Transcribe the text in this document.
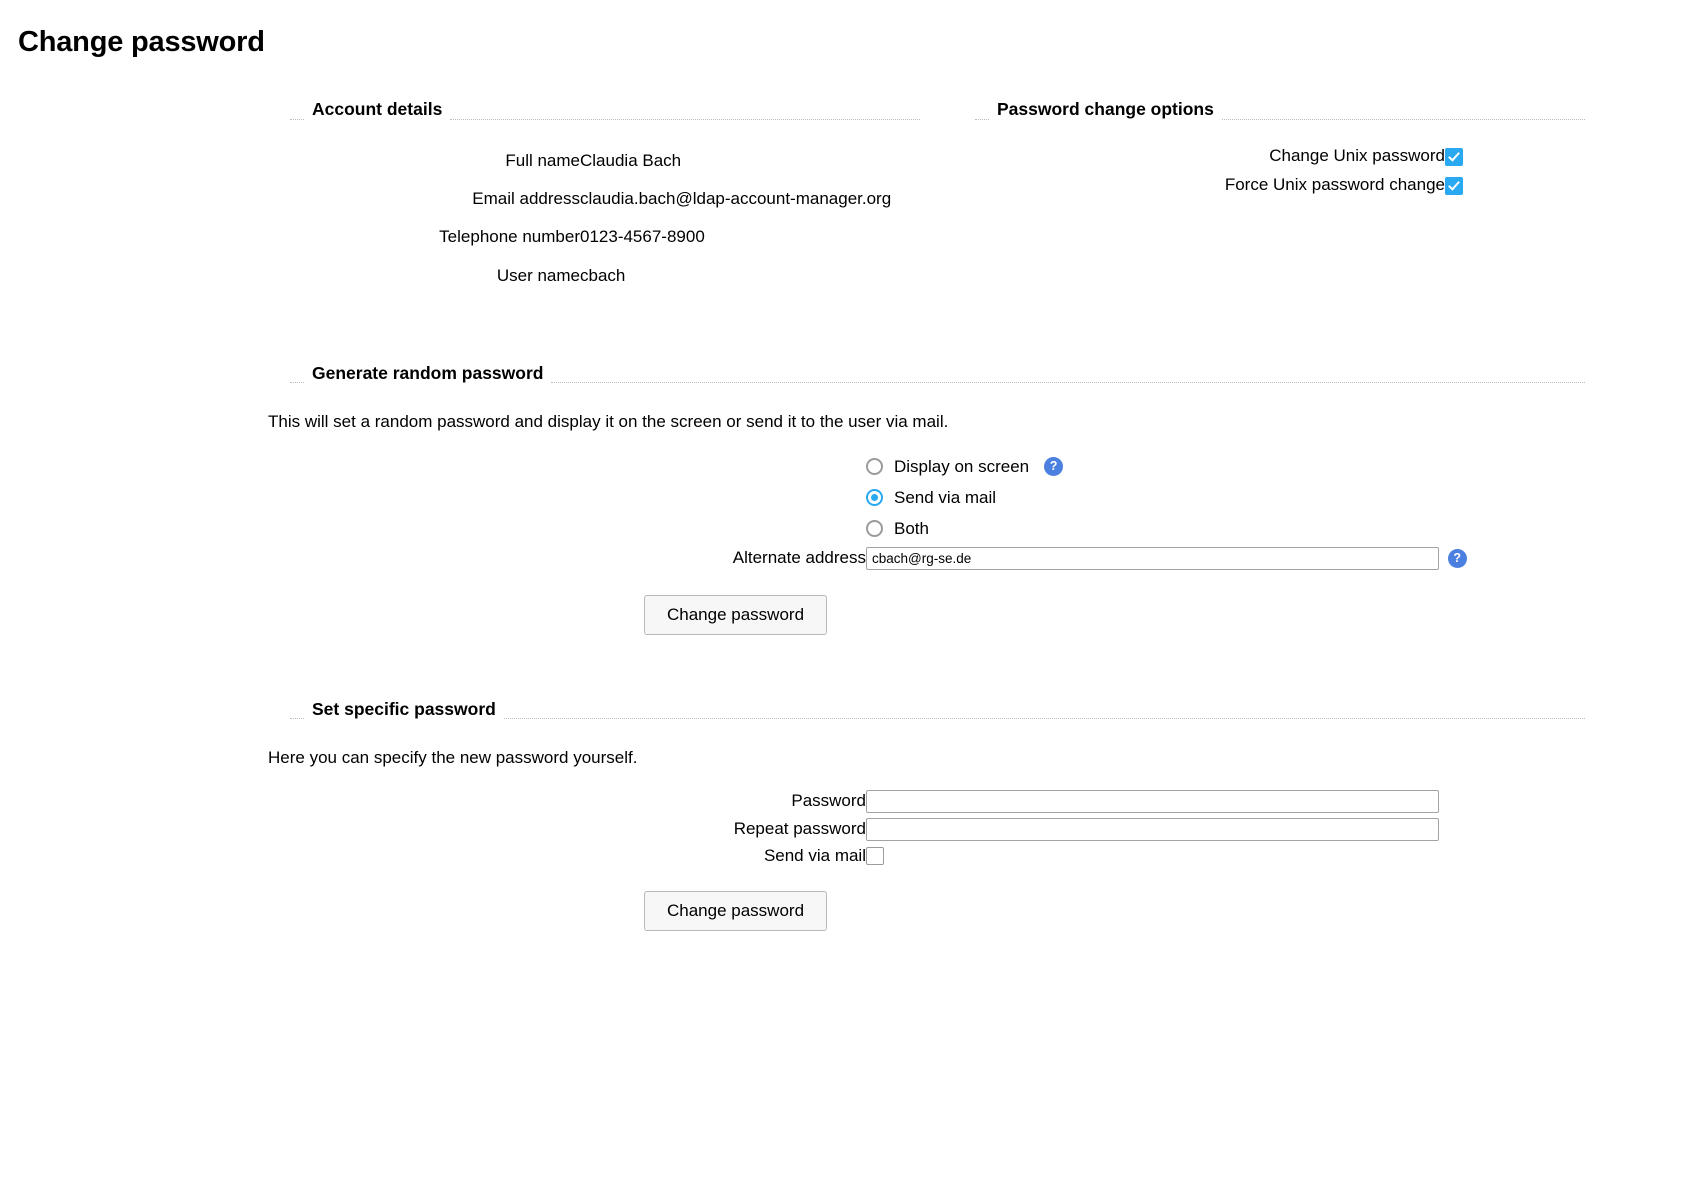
Change password
Account details
Full name	Claudia Bach
Email address	claudia.bach@ldap-account-manager.org
Telephone number	0123-4567-8900
User name	cbach
Password change options
Change Unix password	
Force Unix password change	
Generate random password
This will set a random password and display it on the screen or send it to the user via mail.

	Display on screen ?

	Send via mail

	Both

Alternate address	cbach@rg-se.de?
Change password
Set specific password
Here you can specify the new password yourself.
Password	
Repeat password	
Send via mail	
Change password
